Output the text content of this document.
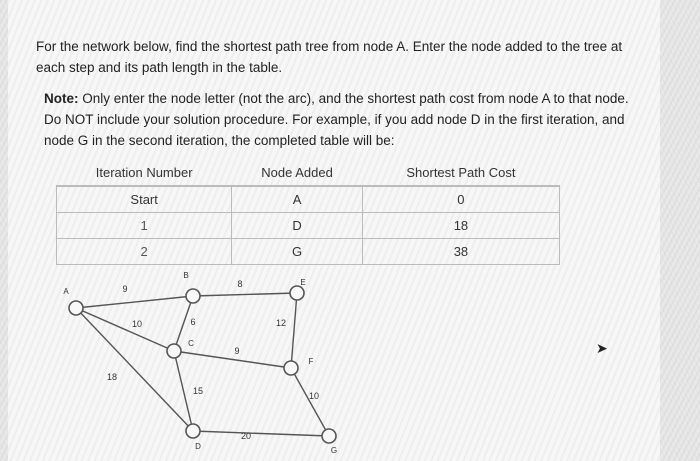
For the network below, find the shortest path tree from node A. Enter the node added to the tree at each step and its path length in the table.
Note: Only enter the node letter (not the arc), and the shortest path cost from node A to that node. Do NOT include your solution procedure. For example, if you add node D in the first iteration, and node G in the second iteration, the completed table will be:
Iteration Number	Node Added	Shortest Path Cost
Start	A	0
1	D	18
2	G	38
9
10
18
6
8
9
15
12
10
20
A
B
C
D
E
F
G
➤
